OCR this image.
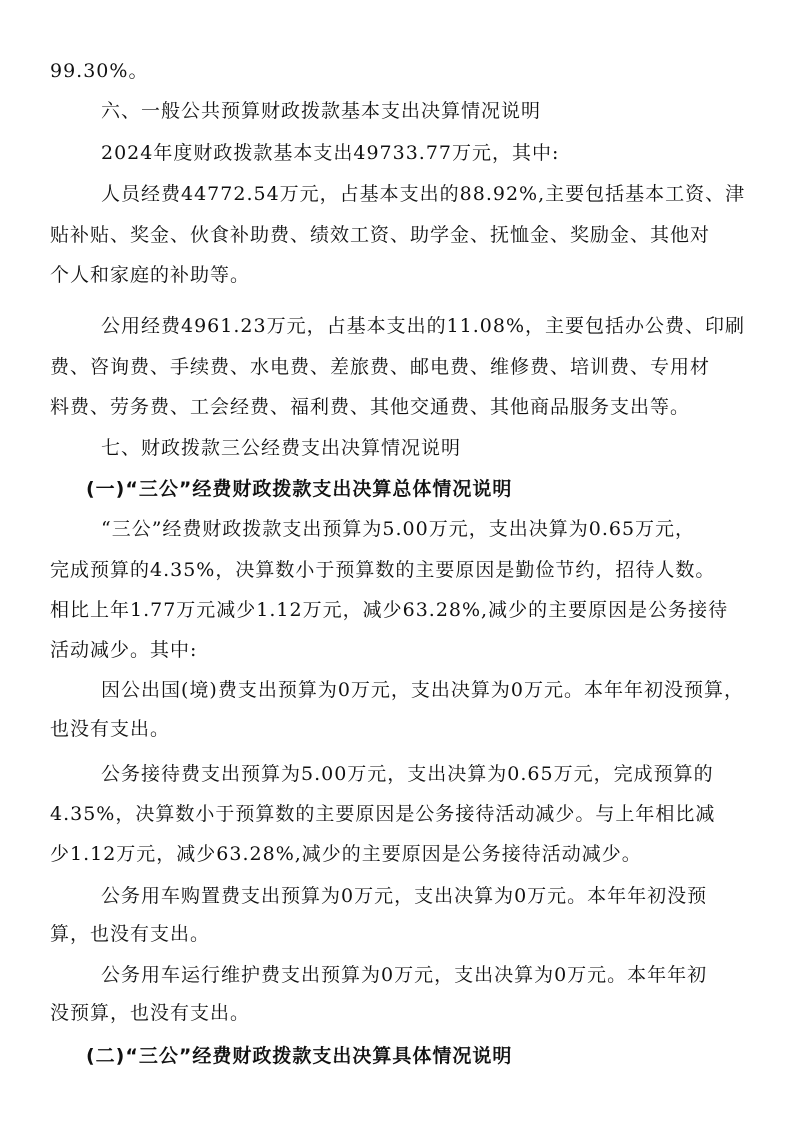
99.30%。
六、一般公共预算财政拨款基本支出决算情况说明
2024年度财政拨款基本支出49733.77万元，其中:
人员经费44772.54万元，占基本支出的88.92%,主要包括基本工资、津
贴补贴、奖金、伙食补助费、绩效工资、助学金、抚恤金、奖励金、其他对
个人和家庭的补助等。
公用经费4961.23万元，占基本支出的11.08%，主要包括办公费、印刷
费、咨询费、手续费、水电费、差旅费、邮电费、维修费、培训费、专用材
料费、劳务费、工会经费、福利费、其他交通费、其他商品服务支出等。
七、财政拨款三公经费支出决算情况说明
(一)“三公”经费财政拨款支出决算总体情况说明
“三公”经费财政拨款支出预算为5.00万元，支出决算为0.65万元，
完成预算的4.35%，决算数小于预算数的主要原因是勤俭节约，招待人数。
相比上年1.77万元减少1.12万元，减少63.28%,减少的主要原因是公务接待
活动减少。其中:
因公出国(境)费支出预算为0万元，支出决算为0万元。本年年初没预算，
也没有支出。
公务接待费支出预算为5.00万元，支出决算为0.65万元，完成预算的
4.35%，决算数小于预算数的主要原因是公务接待活动减少。与上年相比减
少1.12万元，减少63.28%,减少的主要原因是公务接待活动减少。
公务用车购置费支出预算为0万元，支出决算为0万元。本年年初没预
算，也没有支出。
公务用车运行维护费支出预算为0万元，支出决算为0万元。本年年初
没预算，也没有支出。
(二)“三公”经费财政拨款支出决算具体情况说明
